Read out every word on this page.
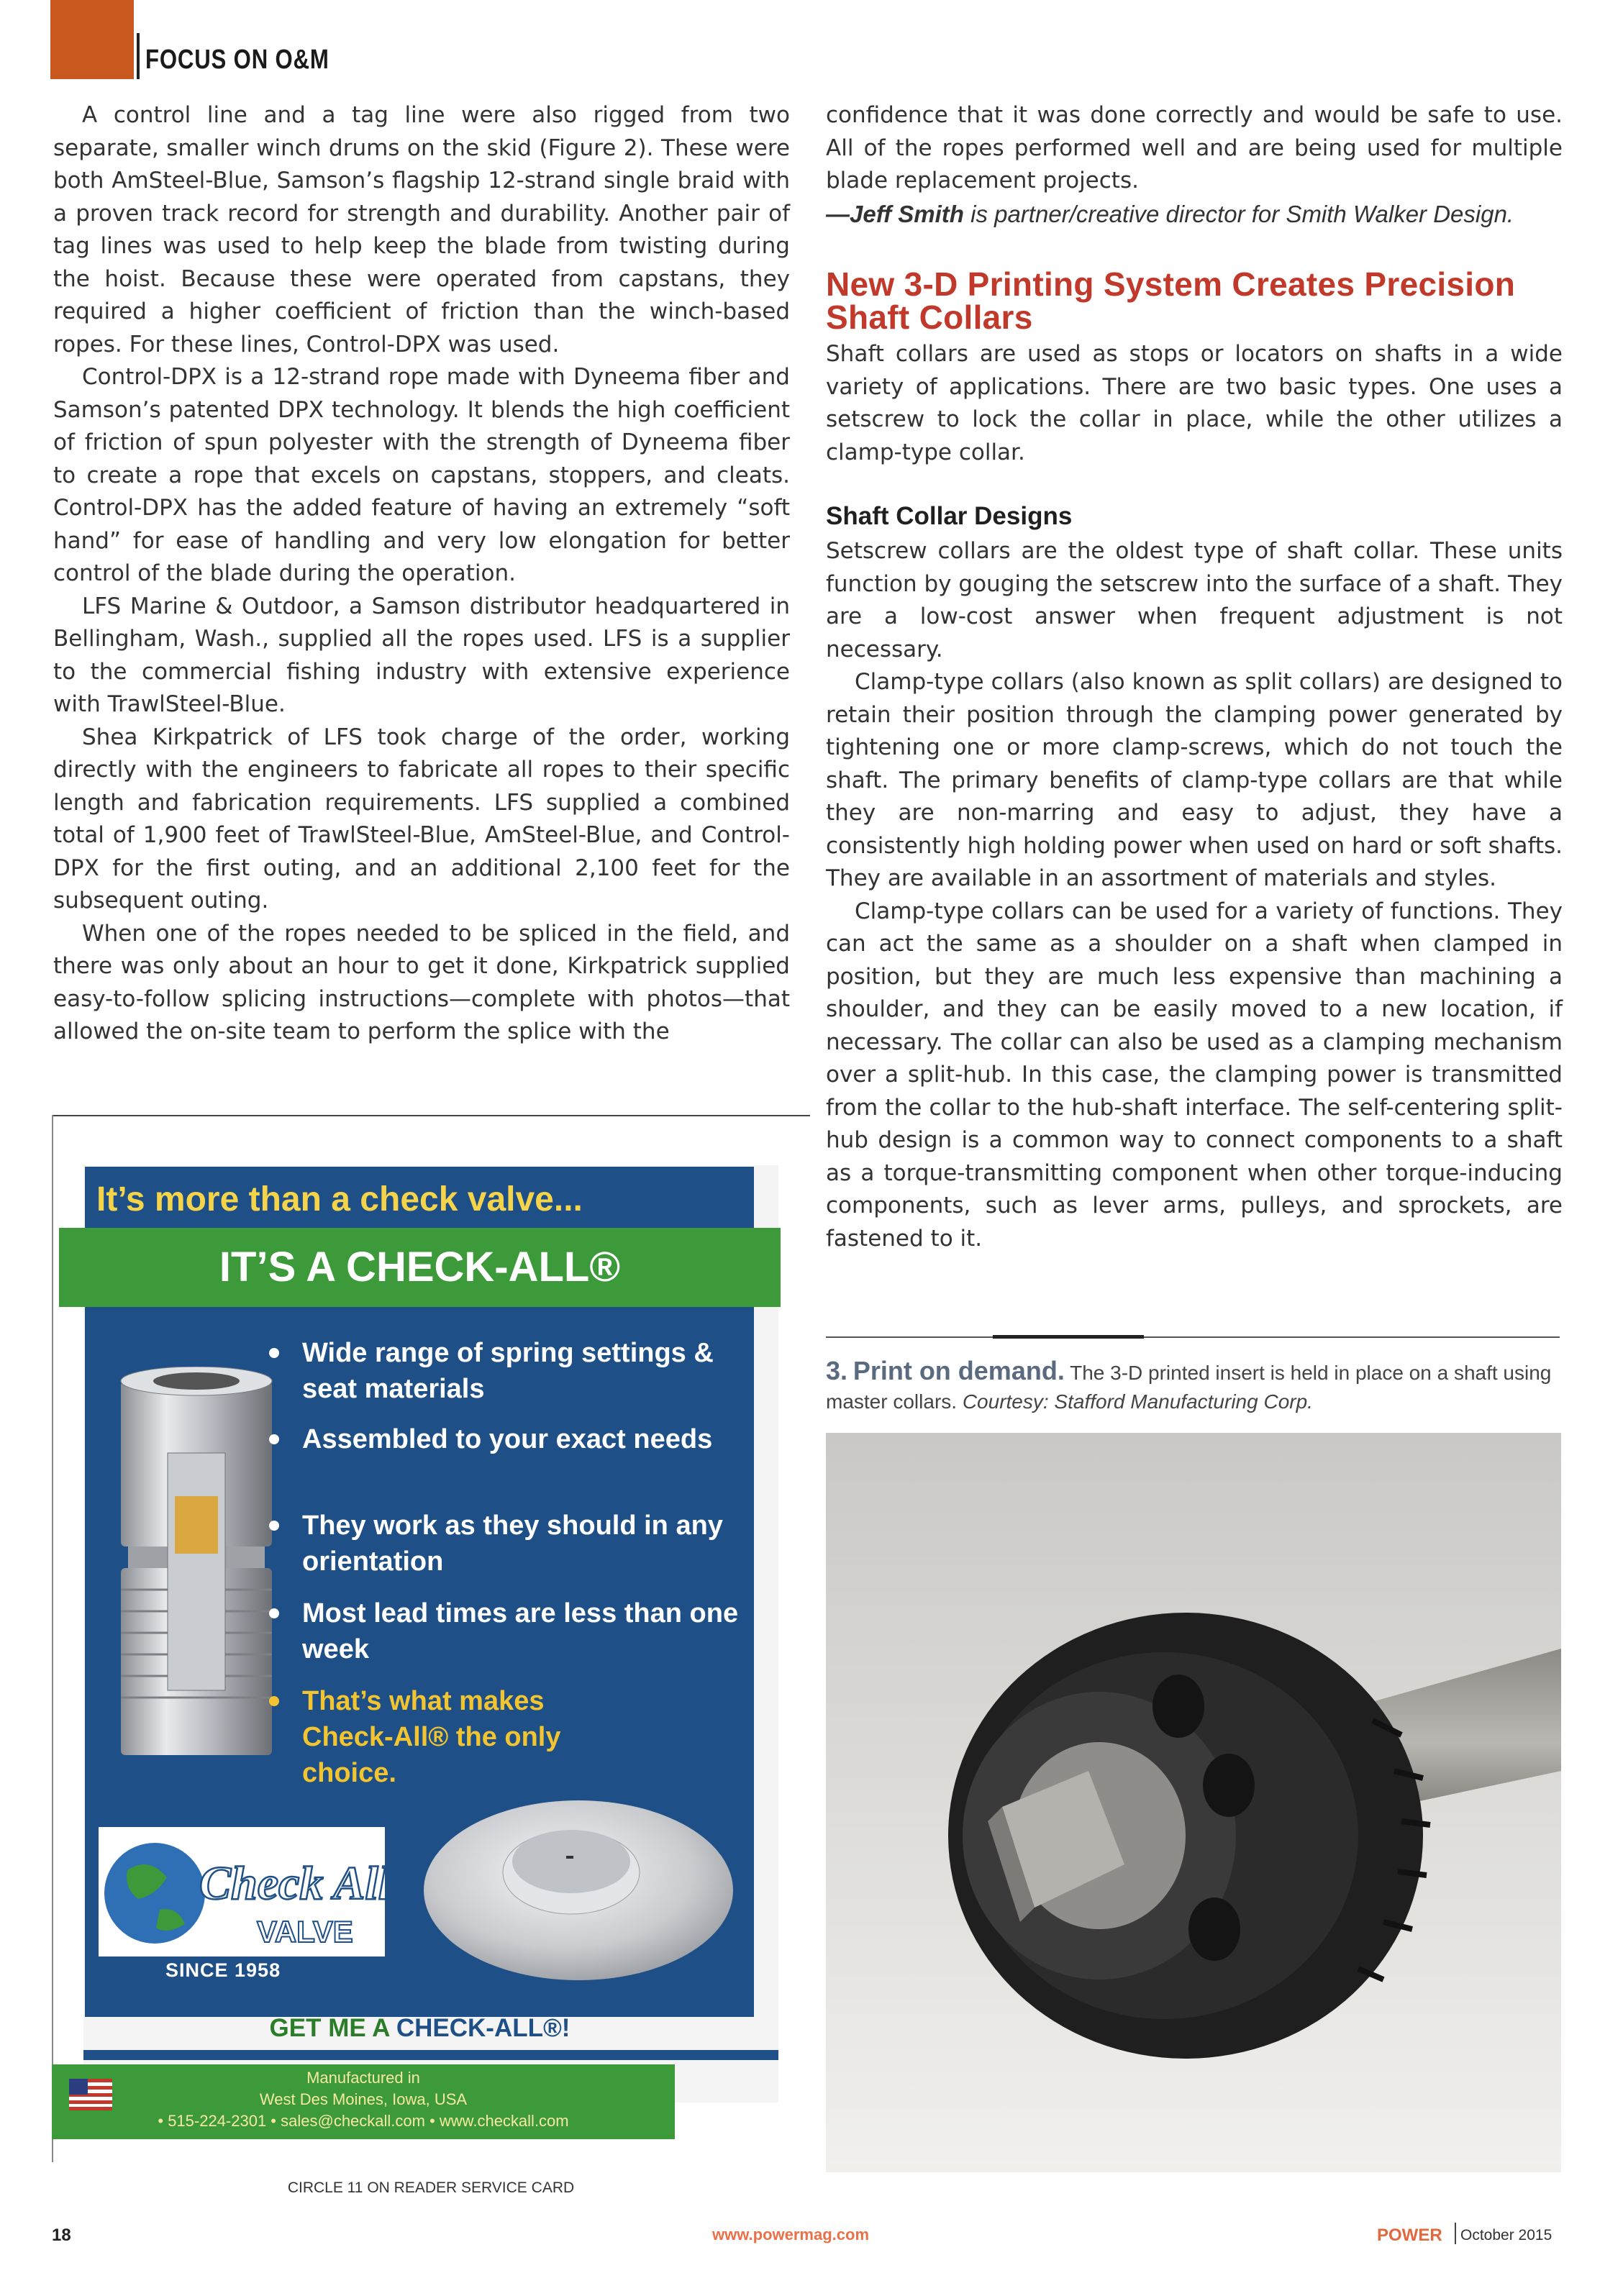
FOCUS ON O&M

A control line and a tag line were also rigged from two separate, smaller winch drums on the skid (Figure 2). These were both AmSteel-Blue, Samson’s flagship 12-strand single braid with a proven track record for strength and durability. Another pair of tag lines was used to help keep the blade from twisting during the hoist. Because these were operated from capstans, they required a higher coefficient of friction than the winch-based ropes. For these lines, Control-DPX was used.

Control-DPX is a 12-strand rope made with Dyneema fiber and Samson’s patented DPX technology. It blends the high coefficient of friction of spun polyester with the strength of Dyneema fiber to create a rope that excels on capstans, stoppers, and cleats. Control-DPX has the added feature of having an extremely “soft hand” for ease of handling and very low elongation for better control of the blade during the operation.

LFS Marine & Outdoor, a Samson distributor headquartered in Bellingham, Wash., supplied all the ropes used. LFS is a supplier to the commercial fishing industry with extensive experience with TrawlSteel-Blue.

Shea Kirkpatrick of LFS took charge of the order, working directly with the engineers to fabricate all ropes to their specific length and fabrication requirements. LFS supplied a combined total of 1,900 feet of TrawlSteel-Blue, AmSteel-Blue, and Control-DPX for the first outing, and an additional 2,100 feet for the subsequent outing.

When one of the ropes needed to be spliced in the field, and there was only about an hour to get it done, Kirkpatrick supplied easy-to-follow splicing instructions—complete with photos—that allowed the on-site team to perform the splice with the

confidence that it was done correctly and would be safe to use. All of the ropes performed well and are being used for multiple blade replacement projects.

—Jeff Smith is partner/creative director for Smith Walker Design.

New 3-D Printing System Creates Precision Shaft Collars

Shaft collars are used as stops or locators on shafts in a wide variety of applications. There are two basic types. One uses a setscrew to lock the collar in place, while the other utilizes a clamp-type collar.

Shaft Collar Designs

Setscrew collars are the oldest type of shaft collar. These units function by gouging the setscrew into the surface of a shaft. They are a low-cost answer when frequent adjustment is not necessary.

Clamp-type collars (also known as split collars) are designed to retain their position through the clamping power generated by tightening one or more clamp-screws, which do not touch the shaft. The primary benefits of clamp-type collars are that while they are non-marring and easy to adjust, they have a consistently high holding power when used on hard or soft shafts. They are available in an assortment of materials and styles.

Clamp-type collars can be used for a variety of functions. They can act the same as a shoulder on a shaft when clamped in position, but they are much less expensive than machining a shoulder, and they can be easily moved to a new location, if necessary. The collar can also be used as a clamping mechanism over a split-hub. In this case, the clamping power is transmitted from the collar to the hub-shaft interface. The self-centering split-hub design is a common way to connect components to a shaft as a torque-transmitting component when other torque-inducing components, such as lever arms, pulleys, and sprockets, are fastened to it.

It’s more than a check valve...
IT’S A CHECK-ALL®
Wide range of spring settings & seat materials
Assembled to your exact needs
They work as they should in any orientation
Most lead times are less than one week
That’s what makes Check-All® the only choice.
Check All
VALVE
SINCE 1958
GET ME A CHECK-ALL®!
Manufactured in
West Des Moines, Iowa, USA
• 515-224-2301 • sales@checkall.com • www.checkall.com
CIRCLE 11 ON READER SERVICE CARD
3. Print on demand. The 3-D printed insert is held in place on a shaft using master collars. Courtesy: Stafford Manufacturing Corp.
18	www.powermag.com	POWER October 2015
